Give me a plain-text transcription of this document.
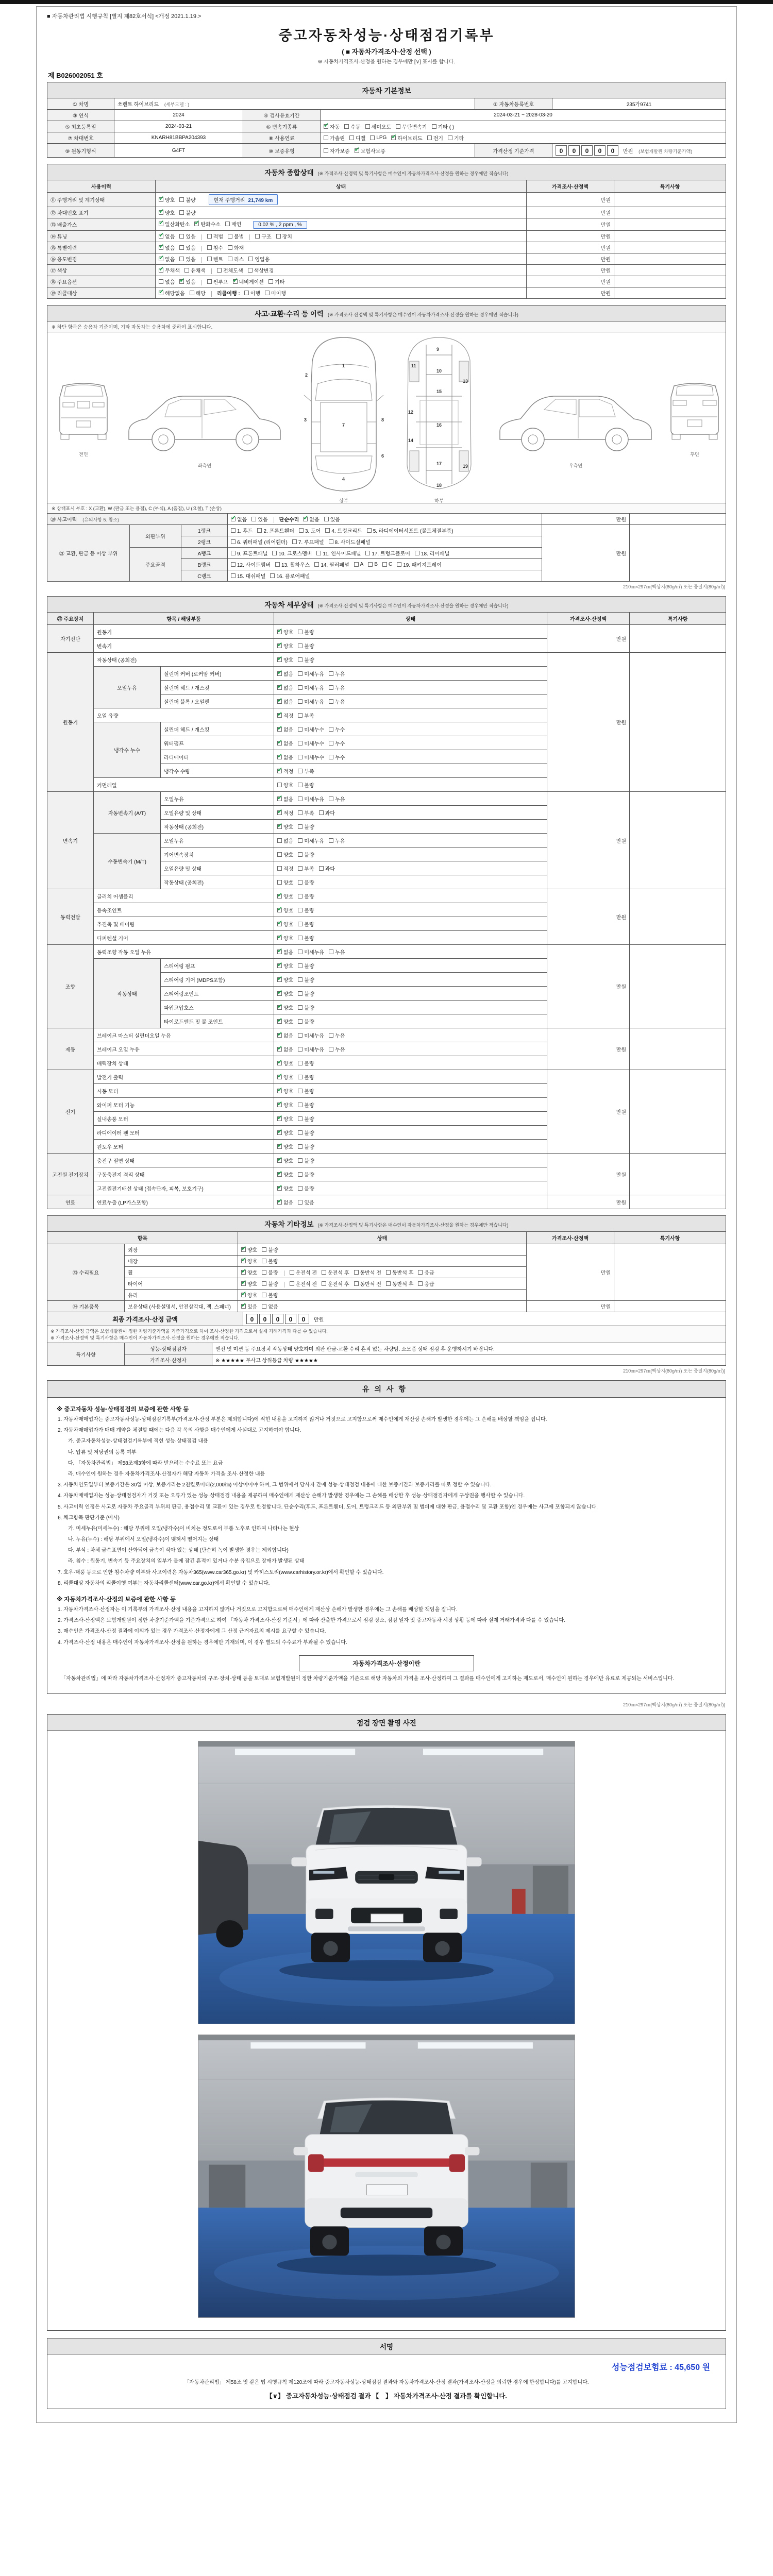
■ 자동차관리법 시행규칙 [별지 제82호서식] <개정 2021.1.19.>
중고자동차성능·상태점검기록부
( ■ 자동차가격조사·산정 선택 )
※ 자동차가격조사·산정을 원하는 경우에만 [∨] 표시를 합니다.
제 B026002051 호
자동차 기본정보
① 차명	쏘렌토 하이브리드 (세부모델 : )			② 자동차등록번호	235가9741
③ 연식	2024	④ 검사유효기간	2024-03-21 ~ 2028-03-20		
⑤ 최초등록일	2024-03-21	⑥ 변속기종류	
✔자동 수동 세미오토 무단변속기 기타 ( )

⑦ 차대번호	KNARH81BBPA204393	⑧ 사용연료	가솔린 디젤 LPG ✔ 하이브리드 전기 기타

⑨ 원동기형식	G4FT	⑩ 보증유형	자가보증 ✔ 보험사보증	가격산정 기준가격	0 0 0 0 0 만원 (보험개발원 차량기준가액)
자동차 종합상태 (※ 가격조사·산정액 및 특기사항은 매수인이 자동차가격조사·산정을 원하는 경우에만 적습니다)
사용이력	상태	가격조사·산정액	특기사항
⑪ 주행거리 및 계기상태	
✔양호 불량 현재 주행거리 21,749 km	만원	
⑫ 차대번호 표기	
✔양호 불량	만원	
⑬ 배출가스	
✔일산화탄소 ✔ 탄화수소 매연 0.02 % , 2 ppm , %	만원	
⑭ 튜닝	
✔없음 있음	적법 불법	구조 장치	만원	
⑮ 특별이력	
✔없음 있음 침수 화재	만원	
⑯ 용도변경	
✔없음 있음 렌트 리스 영업용	만원	
⑰ 색상	
✔무채색 유채색 전체도색 색상변경	만원	
⑱ 주요옵션	없음 ✔ 있음 썬루프 ✔ 네비게이션 기타	만원	
⑲ 리콜대상	
✔해당없음 해당 리콜이행 : 이행 미이행	만원	
사고·교환·수리 등 이력 (※ 가격조사·산정액 및 특기사항은 매수인이 자동차가격조사·산정을 원하는 경우에만 적습니다)
※ 하단 항목은 승용차 기준이며, 기타 자동차는 승용차에 준하여 표시합니다.
전면
좌측면
상부	하부
우측면
후면
1
2
3
7
4
6
8
9
11
10
13
15
12
16
14
17	19
18
※ 상태표시 부호 : X (교환), W (판금 또는 용접), C (부식), A (흠집), U (요철), T (손상)
⑳ 사고이력 (유의사항 5. 참조)	
✔없음 있음 단순수리 ✔ 없음 있음	만원	
㉑ 교환, 판금 등 이상 부위	외판부위	1랭크	1. 후드 2. 프론트휀더 3. 도어 4. 트렁크리드 5. 라디에이터서포트 (볼트체결부품)	만원	
		2랭크	6. 쿼터패널 (리어휀더) 7. 루프패널 8. 사이드실패널		

	주요골격	A랭크	9. 프론트패널 10. 크로스멤버 11. 인사이드패널 17. 트렁크플로어 18. 리어패널		

B랭크	12. 사이드멤버 13. 휠하우스 14. 필러패널 A B C 19. 패키지트레이

		C랭크	15. 대쉬패널 16. 플로어패널		
210㎜×297㎜[백상지(80g/㎡) 또는 중질지(80g/㎡)]
자동차 세부상태 (※ 가격조사·산정액 및 특기사항은 매수인이 자동차가격조사·산정을 원하는 경우에만 적습니다)
㉒ 주요장치	항목 / 해당부품		상태	가격조사·산정액	특기사항
자기진단	원동기	
✔양호 불량	만원	
	변속기	
✔양호 불량

원동기	작동상태 (공회전)	
✔양호 불량	만원	
	오일누유	실린더 커버 (로커암 커버)	
✔없음 미세누유 누유

		실린더 헤드 / 개스킷	
✔없음 미세누유 누유

		실린더 블록 / 오일팬	
✔없음 미세누유 누유

	오일 유량	
✔적정 부족

	냉각수 누수	실린더 헤드 / 개스킷	
✔없음 미세누수 누수

		워터펌프	
✔없음 미세누수 누수

		라디에이터	
✔없음 미세누수 누수

		냉각수 수량	
✔적정 부족

	커먼레일		양호 불량		

변속기	자동변속기 (A/T)	오일누유	
✔없음 미세누유 누유	만원	
		오일유량 및 상태	
✔적정 부족 과다

		작동상태 (공회전)	
✔양호 불량

	수동변속기 (M/T)	오일누유	없음 미세누유 누유		

		기어변속장치	양호 불량		

		오일유량 및 상태	적정 부족 과다		

		작동상태 (공회전)	양호 불량		

동력전달	클러치 어셈블리	
✔양호 불량	만원	
	등속조인트	
✔양호 불량

	추진축 및 베어링	
✔양호 불량

	디퍼렌셜 기어	
✔양호 불량

조향	동력조향 작동 오일 누유	
✔없음 미세누유 누유	만원	
	작동상태	스티어링 펌프	
✔양호 불량

		스티어링 기어 (MDPS포함)	
✔양호 불량

		스티어링조인트	
✔양호 불량

		파워고압호스	
✔양호 불량

		타이로드엔드 및 볼 조인트	
✔양호 불량

제동	브레이크 마스터 실린더오일 누유	
✔없음 미세누유 누유	만원	
	브레이크 오일 누유	
✔없음 미세누유 누유

	배력장치 상태	
✔양호 불량

전기	발전기 출력	
✔양호 불량	만원	
	시동 모터	
✔양호 불량

	와이퍼 모터 기능	
✔양호 불량

	실내송풍 모터	
✔양호 불량

	라디에이터 팬 모터	
✔양호 불량

	윈도우 모터	
✔양호 불량

고전원 전기장치	충전구 절연 상태	
✔양호 불량	만원	
	구동축전지 격리 상태	
✔양호 불량

	고전원전기배선 상태 (접속단자, 피복, 보호기구)	
✔양호 불량

연료	연료누출 (LP가스포함)	
✔없음 있음	만원	
자동차 기타정보 (※ 가격조사·산정액 및 특기사항은 매수인이 자동차가격조사·산정을 원하는 경우에만 적습니다)
항목		상태	가격조사·산정액	특기사항
㉓ 수리필요	외장	
✔양호 불량	만원	
	내장	
✔양호 불량

휠	
✔양호 불량	운전석 전 운전석 후 동반석 전 동반석 후 응급

타이어	
✔양호 불량	운전석 전 운전석 후 동반석 전 동반석 후 응급

	유리	
✔양호 불량

㉔ 기본품목	보유상태 (사용설명서, 안전삼각대, 잭, 스패너)	
✔있음 없음	만원	
최종 가격조사·산정 금액	0 0 0 0 0 만원
※ 가격조사·산정 금액은 보험개발원이 정한 차량기준가액을 기준가격으로 하여 조사·산정한 가격으로서 실제 거래가격과 다를 수 있습니다.
※ 가격조사·산정액 및 특기사항은 매수인이 자동차가격조사·산정을 원하는 경우에만 적습니다.
특기사항	성능·상태점검자	엔진 및 미션 등 주요장치 작동상태 양호하며 외판 판금·교환 수리 흔적 없는 차량임. 소모품 상태 점검 후 운행하시기 바랍니다.
	가격조사·산정자	※ ★★★★★ 무사고 상위등급 차량 ★★★★★
210㎜×297㎜[백상지(80g/㎡) 또는 중질지(80g/㎡)]
유의사항
※ 중고자동차 성능·상태점검의 보증에 관한 사항 등
1. 자동차매매업자는 중고자동차성능·상태점검기록부(가격조사·산정 부분은 제외합니다)에 적힌 내용을 고지하지 않거나 거짓으로 고지함으로써 매수인에게 재산상 손해가 발생한 경우에는 그 손해를 배상할 책임을 집니다.
2. 자동차매매업자가 매매 계약을 체결할 때에는 다음 각 목의 사항을 매수인에게 사실대로 고지하여야 합니다.
가. 중고자동차성능·상태점검기록부에 적힌 성능·상태점검 내용
나. 압류 및 저당권의 등록 여부
다. 「자동차관리법」 제58조제3항에 따라 받으려는 수수료 또는 요금
라. 매수인이 원하는 경우 자동차가격조사·산정자가 해당 자동차 가격을 조사·산정한 내용
3. 자동차인도일부터 보증기간은 30일 이상, 보증거리는 2천킬로미터(2,000㎞) 이상이어야 하며, 그 범위에서 당사자 간에 성능·상태점검 내용에 대한 보증기간과 보증거리를 따로 정할 수 있습니다.
4. 자동차매매업자는 성능·상태점검자가 거짓 또는 오류가 있는 성능·상태점검 내용을 제공하여 매수인에게 재산상 손해가 발생한 경우에는 그 손해를 배상한 후 성능·상태점검자에게 구상권을 행사할 수 있습니다.
5. 사고이력 인정은 사고로 자동차 주요골격 부위의 판금, 용접수리 및 교환이 있는 경우로 한정합니다. 단순수리(후드, 프론트휀더, 도어, 트렁크리드 등 외판부위 및 범퍼에 대한 판금, 용접수리 및 교환 포함)인 경우에는 사고에 포함되지 않습니다.
6. 체크항목 판단기준 (예시)
가. 미세누유(미세누수) : 해당 부위에 오일(냉각수)이 비치는 정도로서 부품 노후로 인하여 나타나는 현상
나. 누유(누수) : 해당 부위에서 오일(냉각수)이 맺혀서 떨어지는 상태
다. 부식 : 차체 금속표면이 산화되어 금속이 삭아 있는 상태 (단순히 녹이 발생한 경우는 제외합니다)
라. 침수 : 원동기, 변속기 등 주요장치의 일부가 물에 잠긴 흔적이 있거나 수분 유입으로 장애가 발생된 상태
7. 호우·태풍 등으로 인한 침수차량 여부와 사고이력은 자동차365(www.car365.go.kr) 및 카히스토리(www.carhistory.or.kr)에서 확인할 수 있습니다.
8. 리콜대상 자동차의 리콜이행 여부는 자동차리콜센터(www.car.go.kr)에서 확인할 수 있습니다.
※ 자동차가격조사·산정의 보증에 관한 사항 등
1. 자동차가격조사·산정자는 이 기록부의 가격조사·산정 내용을 고지하지 않거나 거짓으로 고지함으로써 매수인에게 재산상 손해가 발생한 경우에는 그 손해를 배상할 책임을 집니다.
2. 가격조사·산정액은 보험개발원이 정한 차량기준가액을 기준가격으로 하여 「자동차 가격조사·산정 기준서」에 따라 산출한 가격으로서 점검 장소, 점검 일자 및 중고자동차 시장 상황 등에 따라 실제 거래가격과 다를 수 있습니다.
3. 매수인은 가격조사·산정 결과에 이의가 있는 경우 가격조사·산정자에게 그 산정 근거자료의 제시를 요구할 수 있습니다.
4. 가격조사·산정 내용은 매수인이 자동차가격조사·산정을 원하는 경우에만 기재되며, 이 경우 별도의 수수료가 부과될 수 있습니다.
자동차가격조사·산정이란
「자동차관리법」에 따라 자동차가격조사·산정자가 중고자동차의 구조·장치·상태 등을 토대로 보험개발원이 정한 차량기준가액을 기준으로 해당 자동차의 가격을 조사·산정하여 그 결과를 매수인에게 고지하는 제도로서, 매수인이 원하는 경우에만 유료로 제공되는 서비스입니다.
210㎜×297㎜[백상지(80g/㎡) 또는 중질지(80g/㎡)]
점검 장면 촬영 사진
서명
성능점검보험료 : 45,650 원
「자동차관리법」 제58조 및 같은 법 시행규칙 제120조에 따라 중고자동차성능·상태점검 결과와 자동차가격조사·산정 결과(가격조사·산정을 의뢰한 경우에 한정합니다)를 고지합니다.
【∨】 중고자동차성능·상태점검 결과 【　】 자동차가격조사·산정 결과를 확인합니다.
